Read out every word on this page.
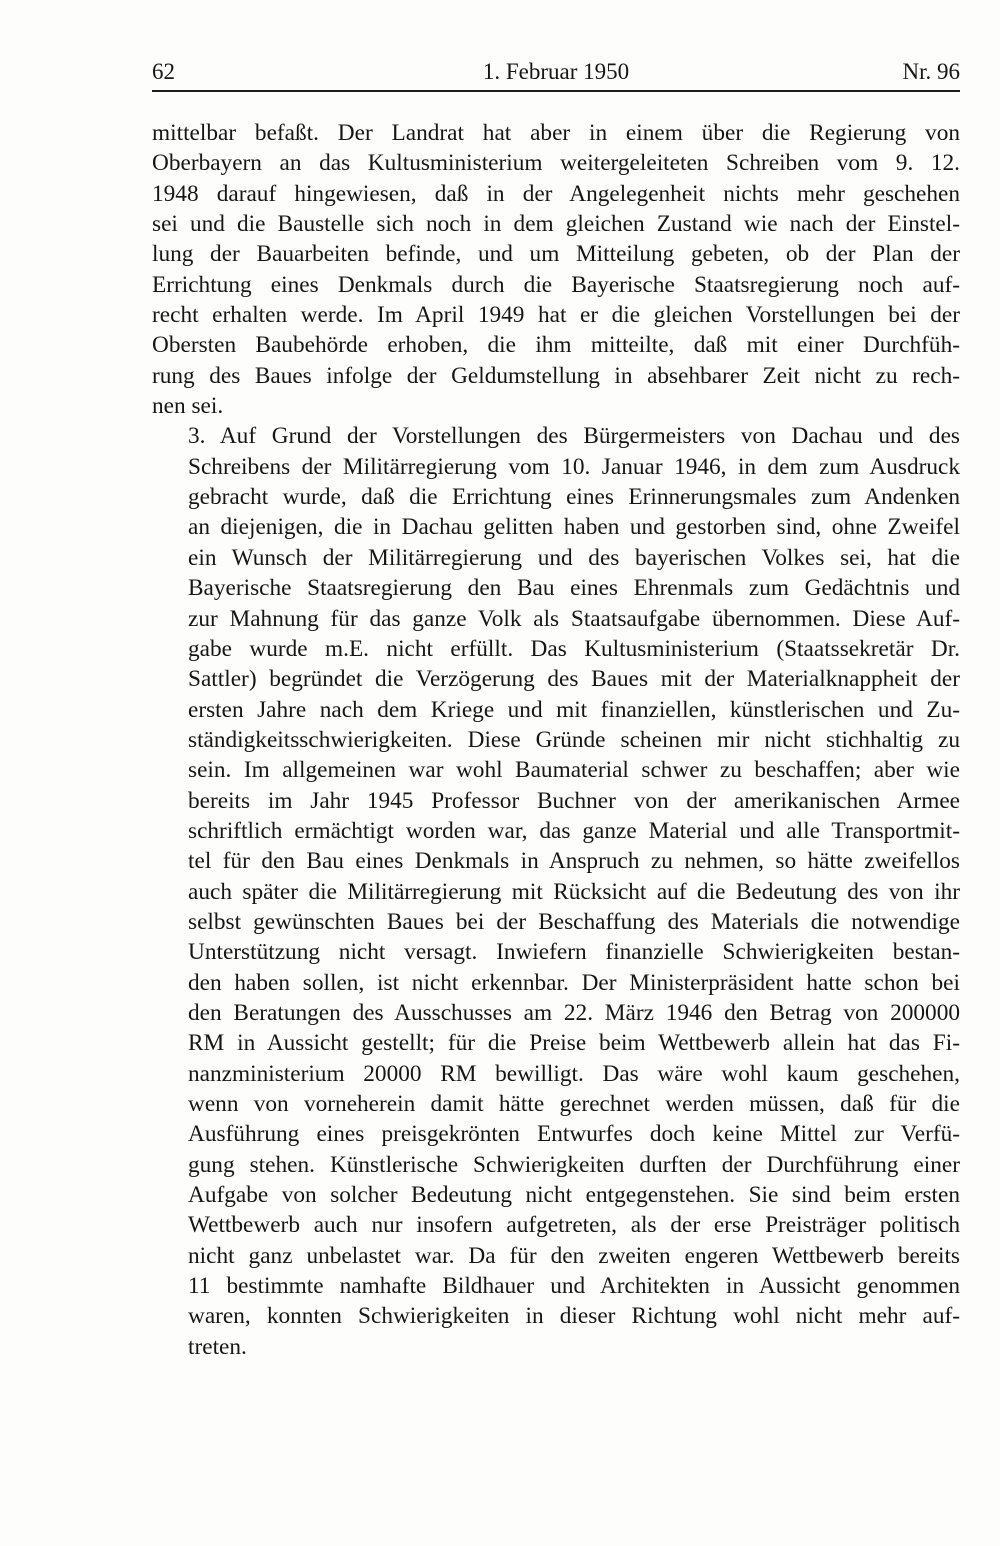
62	1. Februar 1950	Nr. 96

mittelbar befaßt. Der Landrat hat aber in einem über die Regierung von
Oberbayern an das Kultusministerium weitergeleiteten Schreiben vom 9. 12.
1948 darauf hingewiesen, daß in der Angelegenheit nichts mehr geschehen
sei und die Baustelle sich noch in dem gleichen Zustand wie nach der Einstel-
lung der Bauarbeiten befinde, und um Mitteilung gebeten, ob der Plan der
Errichtung eines Denkmals durch die Bayerische Staatsregierung noch auf-
recht erhalten werde. Im April 1949 hat er die gleichen Vorstellungen bei der
Obersten Baubehörde erhoben, die ihm mitteilte, daß mit einer Durchfüh-
rung des Baues infolge der Geldumstellung in absehbarer Zeit nicht zu rech-
nen sei.

3. Auf Grund der Vorstellungen des Bürgermeisters von Dachau und des
Schreibens der Militärregierung vom 10. Januar 1946, in dem zum Ausdruck
gebracht wurde, daß die Errichtung eines Erinnerungsmales zum Andenken
an diejenigen, die in Dachau gelitten haben und gestorben sind, ohne Zweifel
ein Wunsch der Militärregierung und des bayerischen Volkes sei, hat die
Bayerische Staatsregierung den Bau eines Ehrenmals zum Gedächtnis und
zur Mahnung für das ganze Volk als Staatsaufgabe übernommen. Diese Auf-
gabe wurde m.E. nicht erfüllt. Das Kultusministerium (Staatssekretär Dr.
Sattler) begründet die Verzögerung des Baues mit der Materialknappheit der
ersten Jahre nach dem Kriege und mit finanziellen, künstlerischen und Zu-
ständigkeitsschwierigkeiten. Diese Gründe scheinen mir nicht stichhaltig zu
sein. Im allgemeinen war wohl Baumaterial schwer zu beschaffen; aber wie
bereits im Jahr 1945 Professor Buchner von der amerikanischen Armee
schriftlich ermächtigt worden war, das ganze Material und alle Transportmit-
tel für den Bau eines Denkmals in Anspruch zu nehmen, so hätte zweifellos
auch später die Militärregierung mit Rücksicht auf die Bedeutung des von ihr
selbst gewünschten Baues bei der Beschaffung des Materials die notwendige
Unterstützung nicht versagt. Inwiefern finanzielle Schwierigkeiten bestan-
den haben sollen, ist nicht erkennbar. Der Ministerpräsident hatte schon bei
den Beratungen des Ausschusses am 22. März 1946 den Betrag von 200000
RM in Aussicht gestellt; für die Preise beim Wettbewerb allein hat das Fi-
nanzministerium 20000 RM bewilligt. Das wäre wohl kaum geschehen,
wenn von vorneherein damit hätte gerechnet werden müssen, daß für die
Ausführung eines preisgekrönten Entwurfes doch keine Mittel zur Verfü-
gung stehen. Künstlerische Schwierigkeiten durften der Durchführung einer
Aufgabe von solcher Bedeutung nicht entgegenstehen. Sie sind beim ersten
Wettbewerb auch nur insofern aufgetreten, als der erse Preisträger politisch
nicht ganz unbelastet war. Da für den zweiten engeren Wettbewerb bereits
11 bestimmte namhafte Bildhauer und Architekten in Aussicht genommen
waren, konnten Schwierigkeiten in dieser Richtung wohl nicht mehr auf-
treten.
